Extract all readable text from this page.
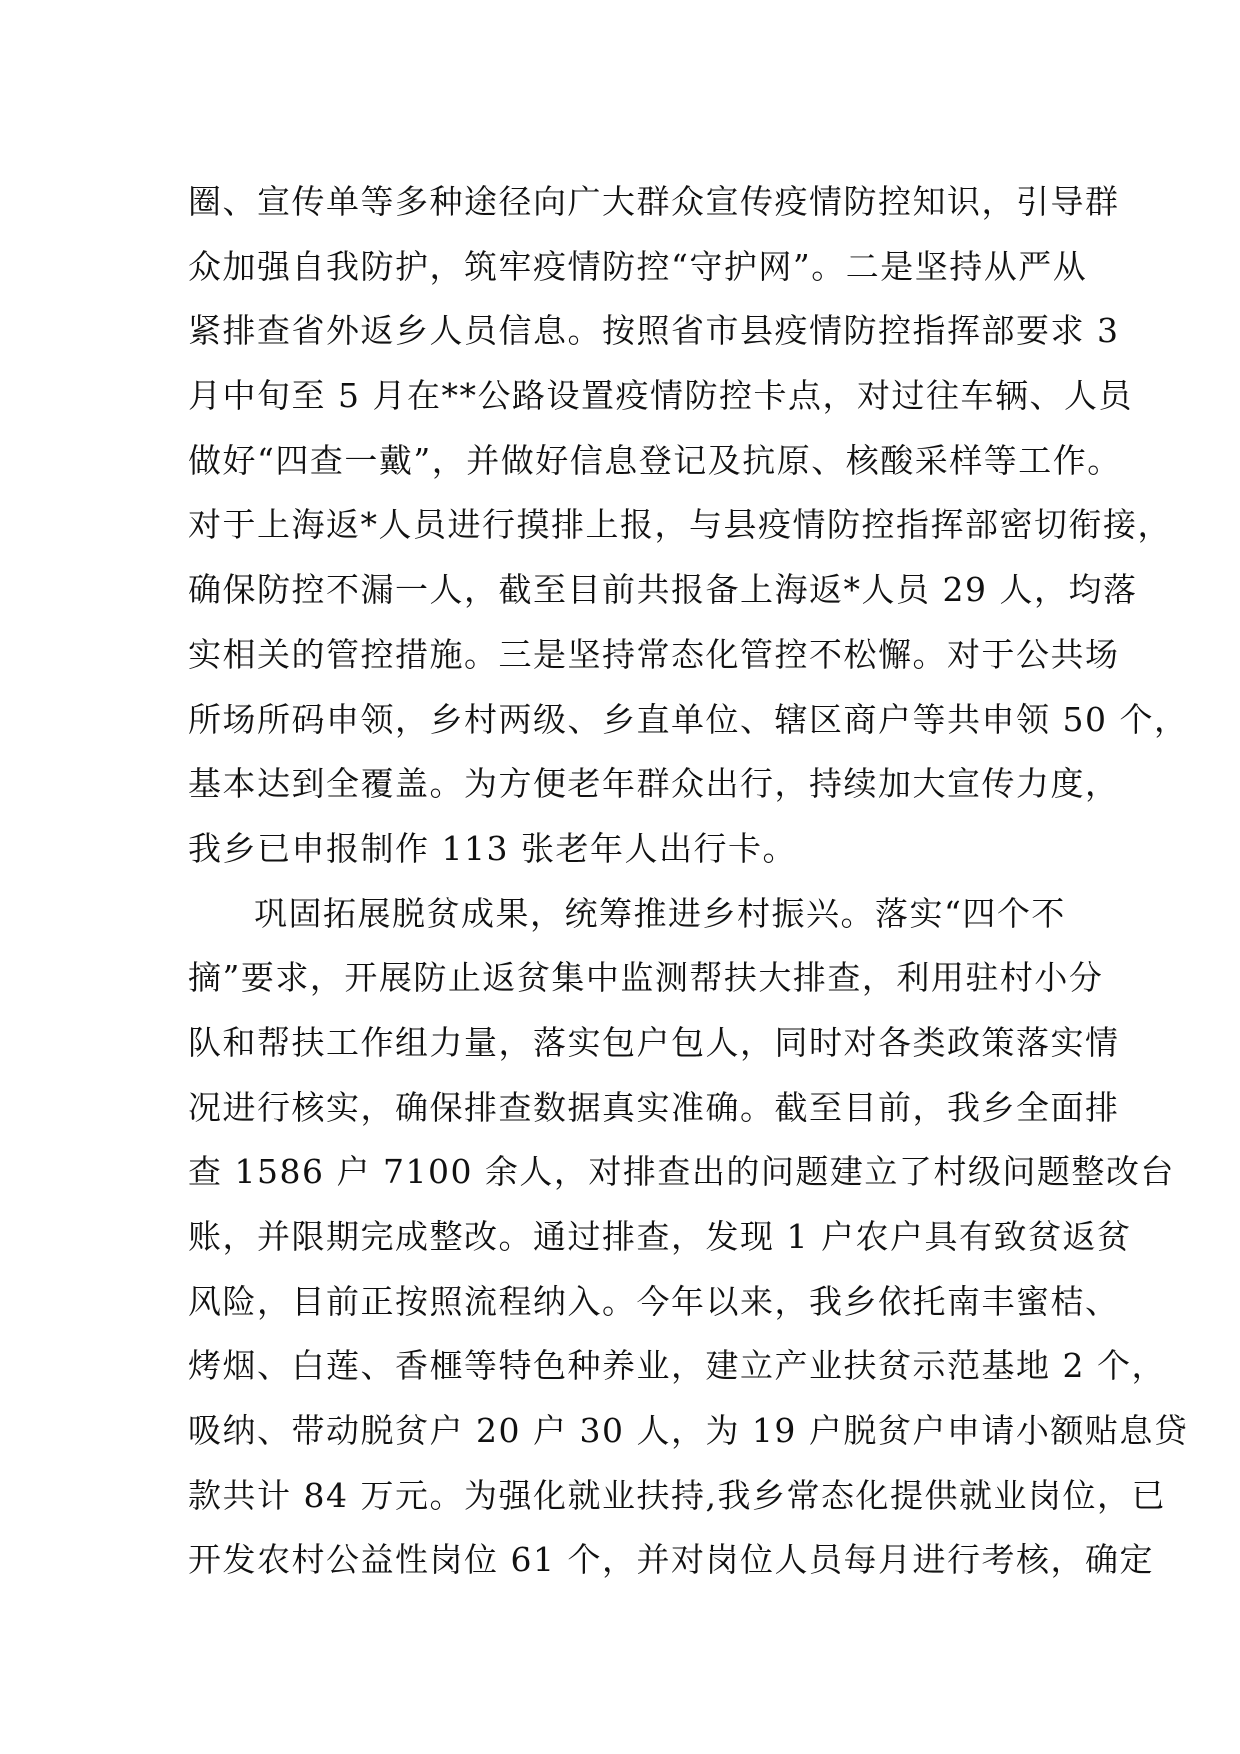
圈、宣传单等多种途径向广大群众宣传疫情防控知识，引导群
众加强自我防护，筑牢疫情防控“守护网”。二是坚持从严从
紧排查省外返乡人员信息。按照省市县疫情防控指挥部要求 3
月中旬至 5 月在**公路设置疫情防控卡点，对过往车辆、人员
做好“四查一戴”，并做好信息登记及抗原、核酸采样等工作。
对于上海返*人员进行摸排上报，与县疫情防控指挥部密切衔接，
确保防控不漏一人，截至目前共报备上海返*人员 29 人，均落
实相关的管控措施。三是坚持常态化管控不松懈。对于公共场
所场所码申领，乡村两级、乡直单位、辖区商户等共申领 50 个，
基本达到全覆盖。为方便老年群众出行，持续加大宣传力度，
我乡已申报制作 113 张老年人出行卡。
巩固拓展脱贫成果，统筹推进乡村振兴。落实“四个不
摘”要求，开展防止返贫集中监测帮扶大排查，利用驻村小分
队和帮扶工作组力量，落实包户包人，同时对各类政策落实情
况进行核实，确保排查数据真实准确。截至目前，我乡全面排
查 1586 户 7100 余人，对排查出的问题建立了村级问题整改台
账，并限期完成整改。通过排查，发现 1 户农户具有致贫返贫
风险，目前正按照流程纳入。今年以来，我乡依托南丰蜜桔、
烤烟、白莲、香榧等特色种养业，建立产业扶贫示范基地 2 个，
吸纳、带动脱贫户 20 户 30 人，为 19 户脱贫户申请小额贴息贷
款共计 84 万元。为强化就业扶持,我乡常态化提供就业岗位，已
开发农村公益性岗位 61 个，并对岗位人员每月进行考核，确定
